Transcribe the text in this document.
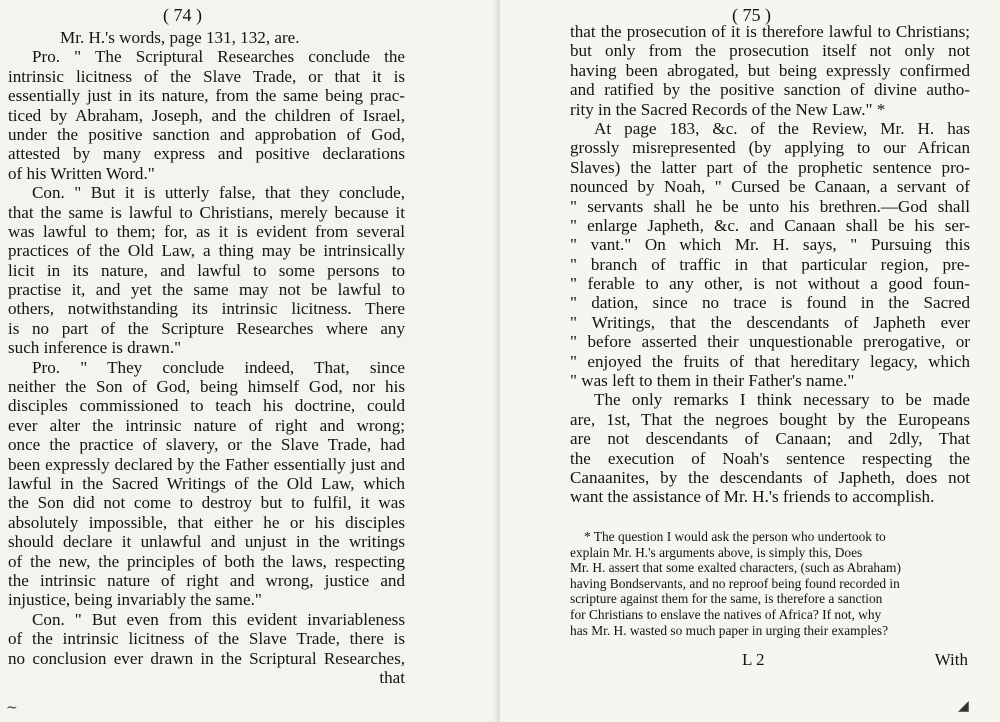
( 74 )
Mr. H.'s words, page 131, 132, are.
Pro. " The Scriptural Researches conclude the
intrinsic licitness of the Slave Trade, or that it is
essentially just in its nature, from the same being prac-
ticed by Abraham, Joseph, and the children of Israel,
under the positive sanction and approbation of God,
attested by many express and positive declarations
of his Written Word."
Con. " But it is utterly false, that they conclude,
that the same is lawful to Christians, merely because it
was lawful to them; for, as it is evident from several
practices of the Old Law, a thing may be intrinsically
licit in its nature, and lawful to some persons to
practise it, and yet the same may not be lawful to
others, notwithstanding its intrinsic licitness. There
is no part of the Scripture Researches where any
such inference is drawn."
Pro. " They conclude indeed, That, since
neither the Son of God, being himself God, nor his
disciples commissioned to teach his doctrine, could
ever alter the intrinsic nature of right and wrong;
once the practice of slavery, or the Slave Trade, had
been expressly declared by the Father essentially just and
lawful in the Sacred Writings of the Old Law, which
the Son did not come to destroy but to fulfil, it was
absolutely impossible, that either he or his disciples
should declare it unlawful and unjust in the writings
of the new, the principles of both the laws, respecting
the intrinsic nature of right and wrong, justice and
injustice, being invariably the same."
Con. " But even from this evident invariableness
of the intrinsic licitness of the Slave Trade, there is
no conclusion ever drawn in the Scriptural Researches,
that
~
( 75 )
that the prosecution of it is therefore lawful to Christians;
but only from the prosecution itself not only not
having been abrogated, but being expressly confirmed
and ratified by the positive sanction of divine autho-
rity in the Sacred Records of the New Law." *
At page 183, &c. of the Review, Mr. H. has
grossly misrepresented (by applying to our African
Slaves) the latter part of the prophetic sentence pro-
nounced by Noah, " Cursed be Canaan, a servant of
" servants shall he be unto his brethren.—God shall
" enlarge Japheth, &c. and Canaan shall be his ser-
" vant." On which Mr. H. says, " Pursuing this
" branch of traffic in that particular region, pre-
" ferable to any other, is not without a good foun-
" dation, since no trace is found in the Sacred
" Writings, that the descendants of Japheth ever
" before asserted their unquestionable prerogative, or
" enjoyed the fruits of that hereditary legacy, which
" was left to them in their Father's name."
The only remarks I think necessary to be made
are, 1st, That the negroes bought by the Europeans
are not descendants of Canaan; and 2dly, That
the execution of Noah's sentence respecting the
Canaanites, by the descendants of Japheth, does not
want the assistance of Mr. H.'s friends to accomplish.
* The question I would ask the person who undertook to
explain Mr. H.'s arguments above, is simply this, Does
Mr. H. assert that some exalted characters, (such as Abraham)
having Bondservants, and no reproof being found recorded in
scripture against them for the same, is therefore a sanction
for Christians to enslave the natives of Africa? If not, why
has Mr. H. wasted so much paper in urging their examples?
L 2	With
◢
